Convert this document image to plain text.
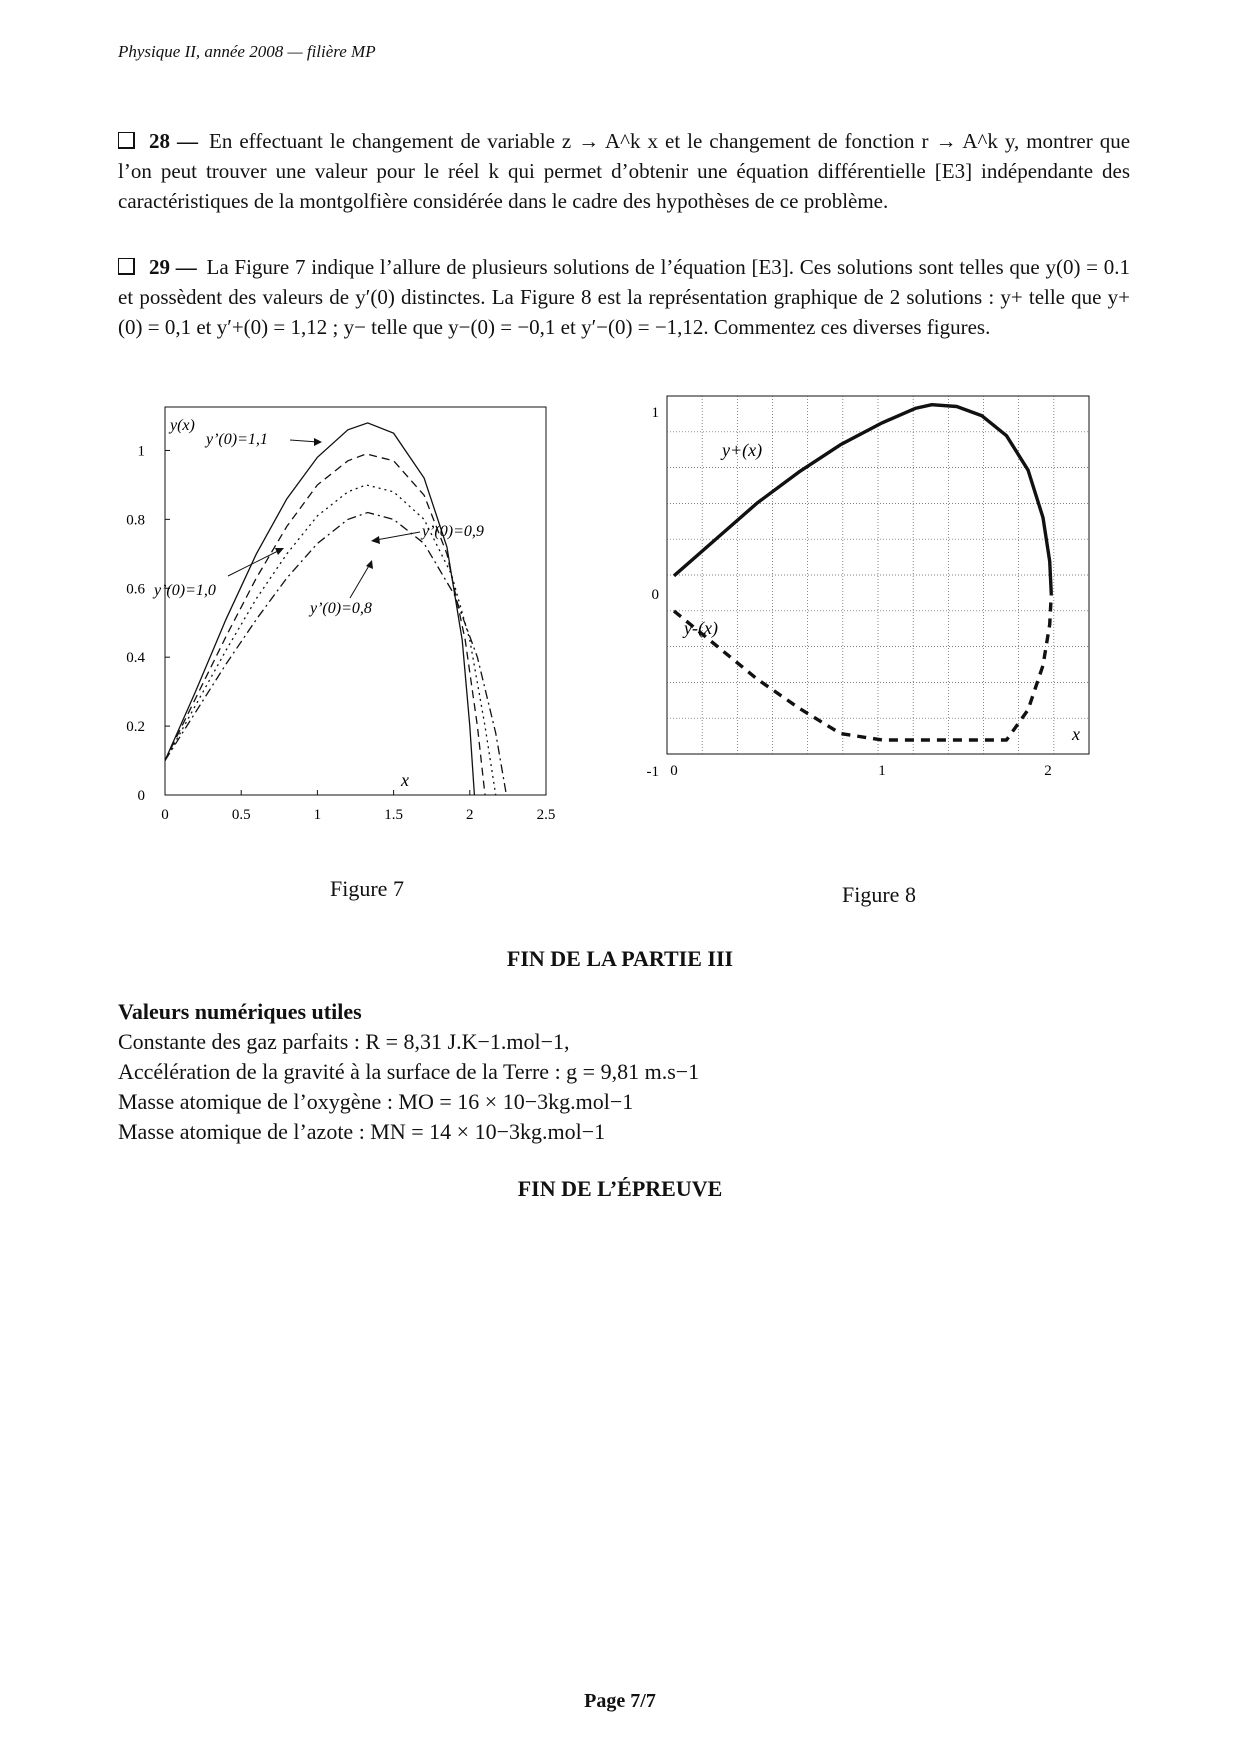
Physique II, année 2008 — filière MP
28 — En effectuant le changement de variable z → A^k x et le changement de fonction r → A^k y, montrer que l’on peut trouver une valeur pour le réel k qui permet d’obtenir une équation différentielle [E3] indépendante des caractéristiques de la montgolfière considérée dans le cadre des hypothèses de ce problème.
29 — La Figure 7 indique l’allure de plusieurs solutions de l’équation [E3]. Ces solutions sont telles que y(0) = 0.1 et possèdent des valeurs de y′(0) distinctes. La Figure 8 est la représentation graphique de 2 solutions : y+ telle que y+(0) = 0,1 et y′+(0) = 1,12 ; y− telle que y−(0) = −0,1 et y′−(0) = −1,12. Commentez ces diverses figures.
0	0.5	1	1.5	2	2.5
0
0.2
0.4
0.6
0.8
1
y(x)
x
y’(0)=1,1
y’(0)=0,9
y’(0)=1,0
y’(0)=0,8
Figure 7
0	1	2
-1
0
1
y+(x)
y-(x)
x
Figure 8
FIN DE LA PARTIE III
Valeurs numériques utiles
Constante des gaz parfaits : R = 8,31 J.K−1.mol−1,
Accélération de la gravité à la surface de la Terre : g = 9,81 m.s−1
Masse atomique de l’oxygène : MO = 16 × 10−3kg.mol−1
Masse atomique de l’azote : MN = 14 × 10−3kg.mol−1
FIN DE L’ÉPREUVE
Page 7/7
